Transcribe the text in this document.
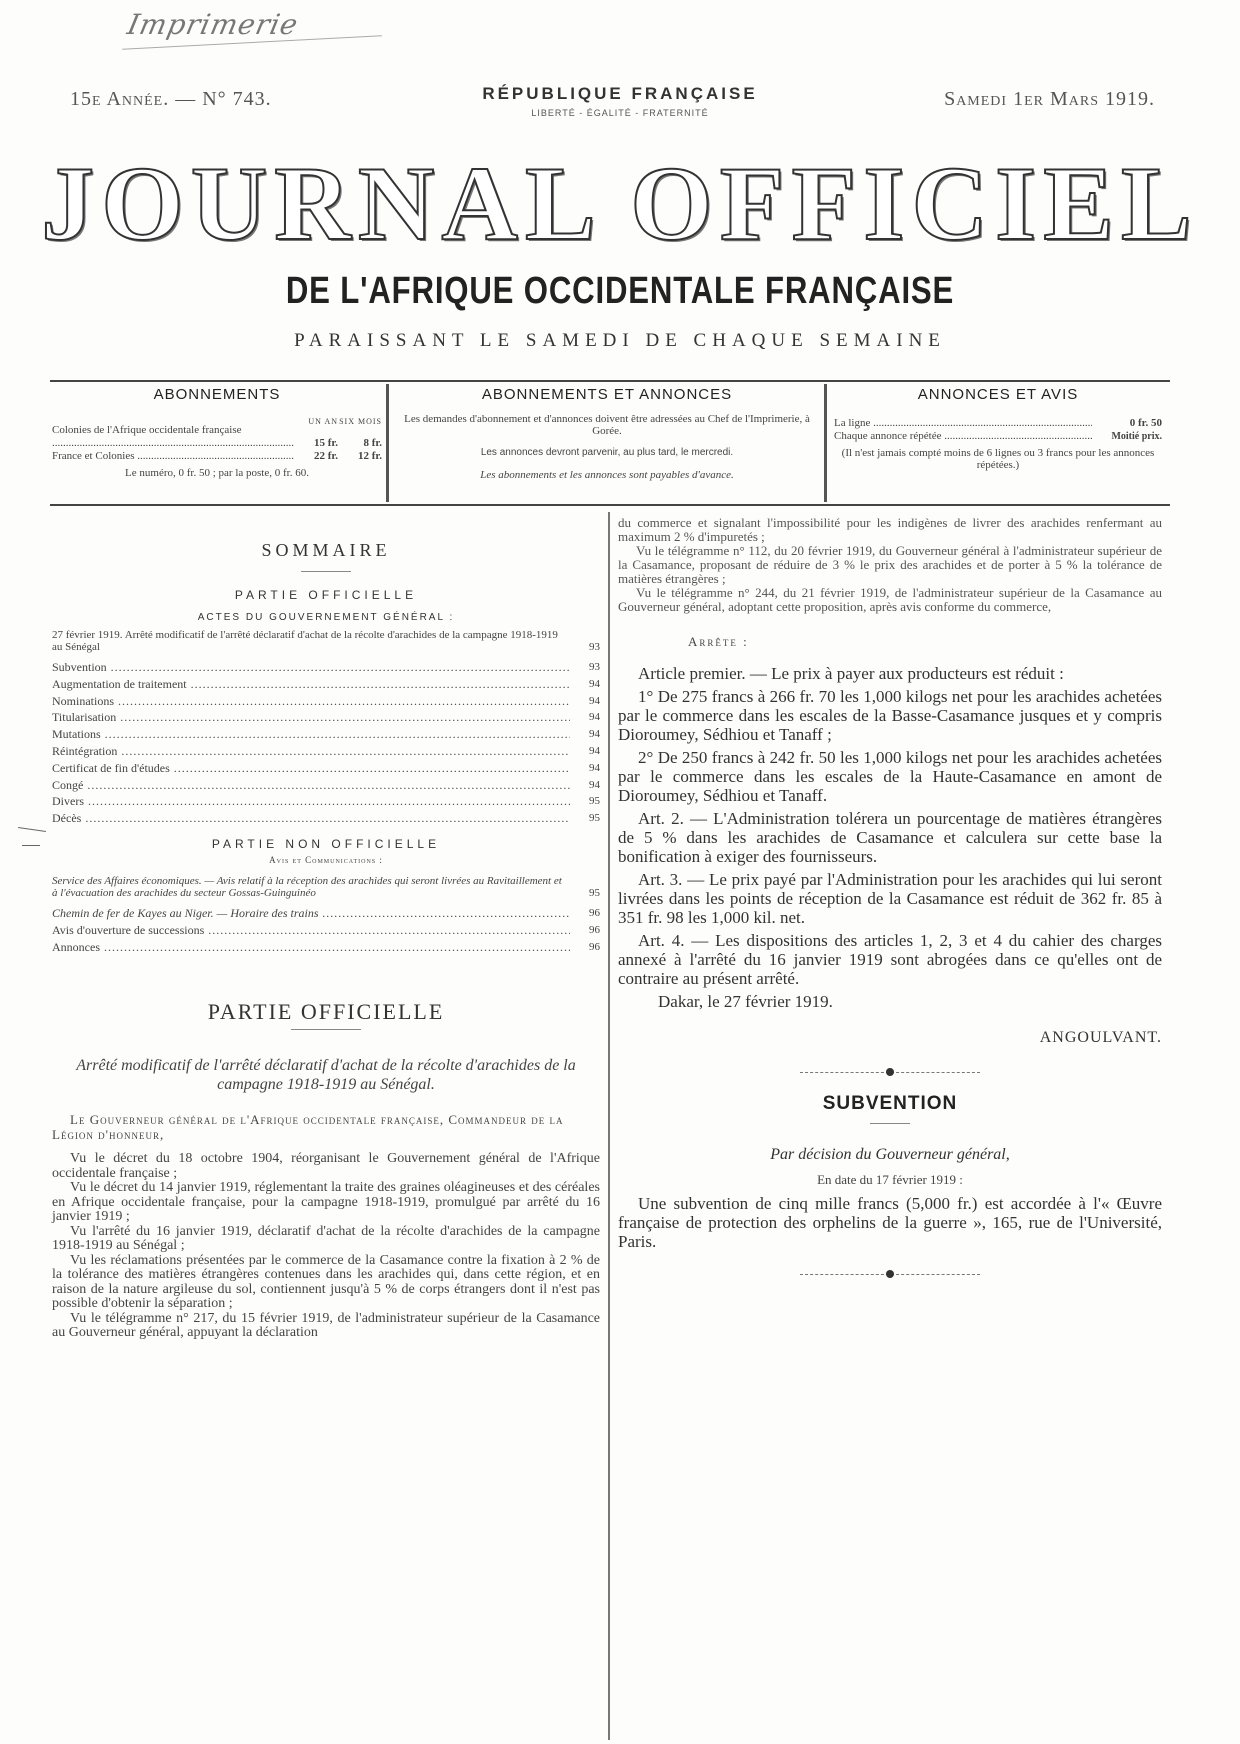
Imprimerie
15e Année. — N° 743.	Samedi 1er Mars 1919.
RÉPUBLIQUE FRANÇAISE
LIBERTÉ - ÉGALITÉ - FRATERNITÉ
JOURNAL OFFICIEL
DE L'AFRIQUE OCCIDENTALE FRANÇAISE
PARAISSANT LE SAMEDI DE CHAQUE SEMAINE
ABONNEMENTS
UN AN SIX MOIS
Colonies de l'Afrique occidentale française .....
15 fr.	8 fr.
France et Colonies .....	22 fr.	12 fr.
Le numéro, 0 fr. 50 ; par la poste, 0 fr. 60.
ABONNEMENTS ET ANNONCES
Les demandes d'abonnement et d'annonces doivent être adressées au Chef de l'Imprimerie, à Gorée.
Les annonces devront parvenir, au plus tard, le mercredi.
Les abonnements et les annonces sont payables d'avance.
ANNONCES ET AVIS
La ligne .....	0 fr. 50
Chaque annonce répétée .....	Moitié prix.
(Il n'est jamais compté moins de 6 lignes ou 3 francs pour les annonces répétées.)
SOMMAIRE
PARTIE OFFICIELLE
ACTES DU GOUVERNEMENT GÉNÉRAL :
27 février 1919. Arrêté modificatif de l'arrêté déclaratif d'achat de la récolte d'arachides de la campagne 1918-1919 au Sénégal	93
Subvention .....	93
Augmentation de traitement .....	94
Nominations .....	94
Titularisation .....	94
Mutations .....	94
Réintégration .....	94
Certificat de fin d'études .....	94
Congé .....	94
Divers .....	95
Décès .....	95
PARTIE NON OFFICIELLE
Avis et Communications :
Service des Affaires économiques. — Avis relatif à la réception des arachides qui seront livrées au Ravitaillement et à l'évacuation des arachides du secteur Gossas-Guinguinéo	95
Chemin de fer de Kayes au Niger. — Horaire des trains .....	96
Avis d'ouverture de successions .....	96
Annonces .....	96
PARTIE OFFICIELLE
Arrêté modificatif de l'arrêté déclaratif d'achat de la récolte d'arachides de la campagne 1918-1919 au Sénégal.
Le Gouverneur général de l'Afrique occidentale française, Commandeur de la Légion d'honneur,
Vu le décret du 18 octobre 1904, réorganisant le Gouvernement général de l'Afrique occidentale française ;
Vu le décret du 14 janvier 1919, réglementant la traite des graines oléagineuses et des céréales en Afrique occidentale française, pour la campagne 1918-1919, promulgué par arrêté du 16 janvier 1919 ;
Vu l'arrêté du 16 janvier 1919, déclaratif d'achat de la récolte d'arachides de la campagne 1918-1919 au Sénégal ;
Vu les réclamations présentées par le commerce de la Casamance contre la fixation à 2 % de la tolérance des matières étrangères contenues dans les arachides qui, dans cette région, et en raison de la nature argileuse du sol, contiennent jusqu'à 5 % de corps étrangers dont il n'est pas possible d'obtenir la séparation ;
Vu le télégramme n° 217, du 15 février 1919, de l'administrateur supérieur de la Casamance au Gouverneur général, appuyant la déclaration
du commerce et signalant l'impossibilité pour les indigènes de livrer des arachides renfermant au maximum 2 % d'impuretés ;
Vu le télégramme n° 112, du 20 février 1919, du Gouverneur général à l'administrateur supérieur de la Casamance, proposant de réduire de 3 % le prix des arachides et de porter à 5 % la tolérance de matières étrangères ;
Vu le télégramme n° 244, du 21 février 1919, de l'administrateur supérieur de la Casamance au Gouverneur général, adoptant cette proposition, après avis conforme du commerce,
Arrête :
Article premier. — Le prix à payer aux producteurs est réduit :
1° De 275 francs à 266 fr. 70 les 1,000 kilogs net pour les arachides achetées par le commerce dans les escales de la Basse-Casamance jusques et y compris Dioroumey, Sédhiou et Tanaff ;
2° De 250 francs à 242 fr. 50 les 1,000 kilogs net pour les arachides achetées par le commerce dans les escales de la Haute-Casamance en amont de Dioroumey, Sédhiou et Tanaff.
Art. 2. — L'Administration tolérera un pourcentage de matières étrangères de 5 % dans les arachides de Casamance et calculera sur cette base la bonification à exiger des fournisseurs.
Art. 3. — Le prix payé par l'Administration pour les arachides qui lui seront livrées dans les points de réception de la Casamance est réduit de 362 fr. 85 à 351 fr. 98 les 1,000 kil. net.
Art. 4. — Les dispositions des articles 1, 2, 3 et 4 du cahier des charges annexé à l'arrêté du 16 janvier 1919 sont abrogées dans ce qu'elles ont de contraire au présent arrêté.
Dakar, le 27 février 1919.
ANGOULVANT.
SUBVENTION
Par décision du Gouverneur général,
En date du 17 février 1919 :
Une subvention de cinq mille francs (5,000 fr.) est accordée à l'« Œuvre française de protection des orphelins de la guerre », 165, rue de l'Université, Paris.
